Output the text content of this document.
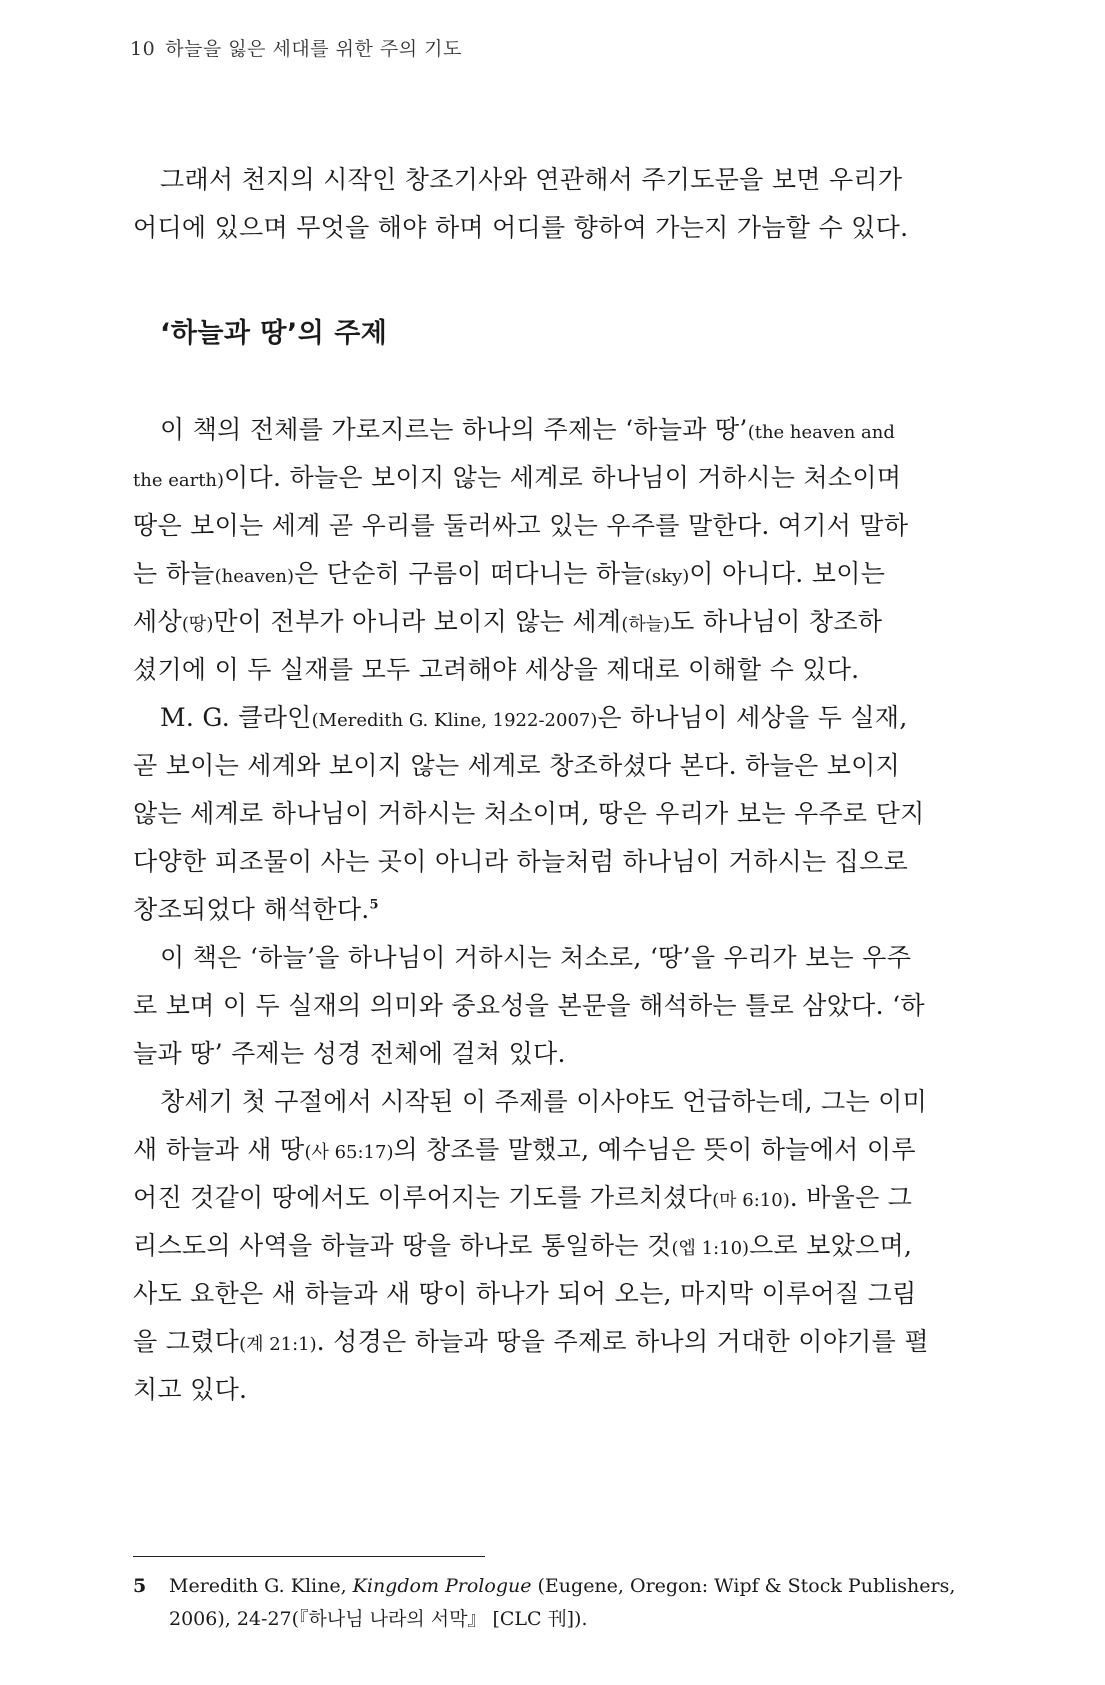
10 하늘을 잃은 세대를 위한 주의 기도
그래서 천지의 시작인 창조기사와 연관해서 주기도문을 보면 우리가
어디에 있으며 무엇을 해야 하며 어디를 향하여 가는지 가늠할 수 있다.
‘하늘과 땅’의 주제
이 책의 전체를 가로지르는 하나의 주제는 ‘하늘과 땅’(the heaven and
the earth)이다. 하늘은 보이지 않는 세계로 하나님이 거하시는 처소이며
땅은 보이는 세계 곧 우리를 둘러싸고 있는 우주를 말한다. 여기서 말하
는 하늘(heaven)은 단순히 구름이 떠다니는 하늘(sky)이 아니다. 보이는
세상(땅)만이 전부가 아니라 보이지 않는 세계(하늘)도 하나님이 창조하
셨기에 이 두 실재를 모두 고려해야 세상을 제대로 이해할 수 있다.
M. G. 클라인(Meredith G. Kline, 1922-2007)은 하나님이 세상을 두 실재,
곧 보이는 세계와 보이지 않는 세계로 창조하셨다 본다. 하늘은 보이지
않는 세계로 하나님이 거하시는 처소이며, 땅은 우리가 보는 우주로 단지
다양한 피조물이 사는 곳이 아니라 하늘처럼 하나님이 거하시는 집으로
창조되었다 해석한다.$^5$
이 책은 ‘하늘’을 하나님이 거하시는 처소로, ‘땅’을 우리가 보는 우주
로 보며 이 두 실재의 의미와 중요성을 본문을 해석하는 틀로 삼았다. ‘하
늘과 땅’ 주제는 성경 전체에 걸쳐 있다.
창세기 첫 구절에서 시작된 이 주제를 이사야도 언급하는데, 그는 이미
새 하늘과 새 땅(사 65:17)의 창조를 말했고, 예수님은 뜻이 하늘에서 이루
어진 것같이 땅에서도 이루어지는 기도를 가르치셨다(마 6:10). 바울은 그
리스도의 사역을 하늘과 땅을 하나로 통일하는 것(엡 1:10)으로 보았으며,
사도 요한은 새 하늘과 새 땅이 하나가 되어 오는, 마지막 이루어질 그림
을 그렸다(계 21:1). 성경은 하늘과 땅을 주제로 하나의 거대한 이야기를 펼
치고 있다.
5 Meredith G. Kline, Kingdom Prologue (Eugene, Oregon: Wipf & Stock Publishers,
2006), 24-27(『하나님 나라의 서막』 [CLC 刊]).
